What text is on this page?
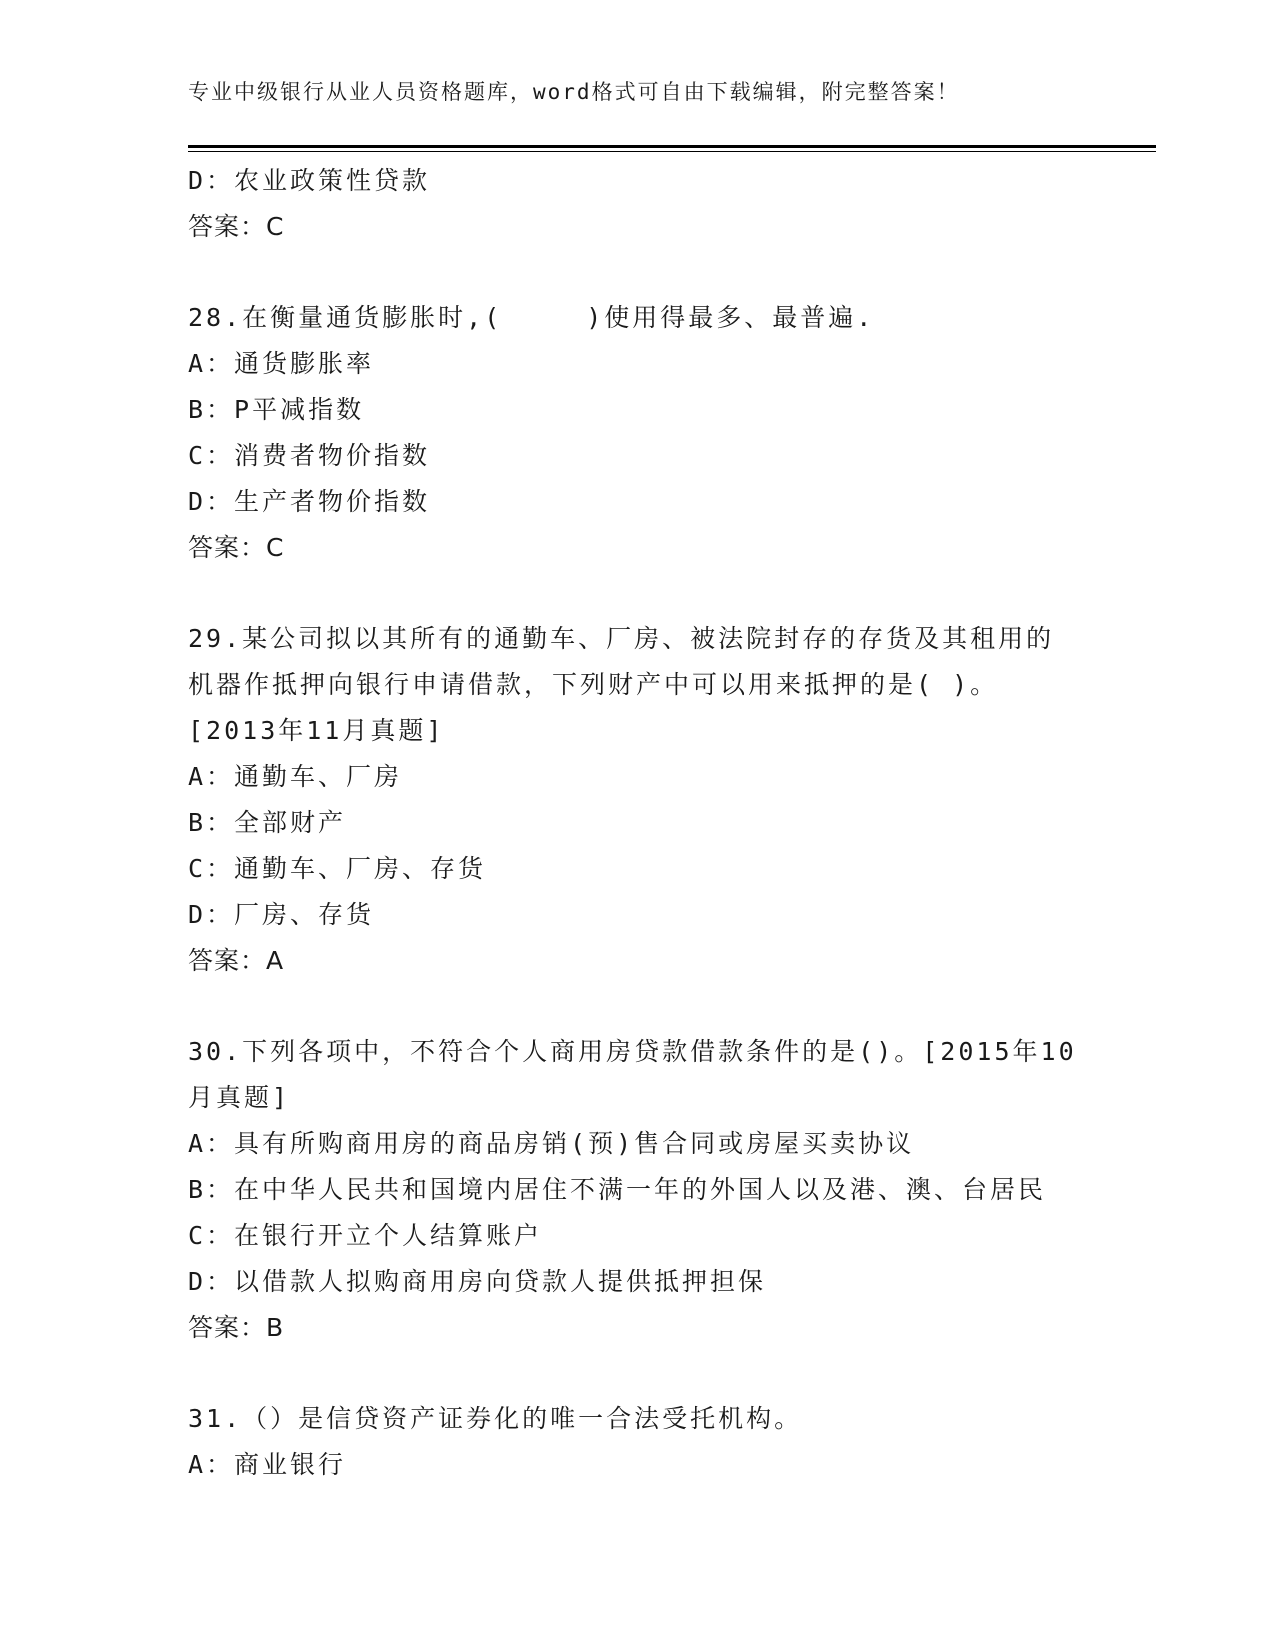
专业中级银行从业人员资格题库，word格式可自由下载编辑，附完整答案！
D：农业政策性贷款
答案：C
28.在衡量通货膨胀时,(　　　)使用得最多、最普遍.
A：通货膨胀率
B：P平减指数
C：消费者物价指数
D：生产者物价指数
答案：C
29.某公司拟以其所有的通勤车、厂房、被法院封存的存货及其租用的
机器作抵押向银行申请借款，下列财产中可以用来抵押的是( )。
[2013年11月真题]
A：通勤车、厂房
B：全部财产
C：通勤车、厂房、存货
D：厂房、存货
答案：A
30.下列各项中，不符合个人商用房贷款借款条件的是()。[2015年10
月真题]
A：具有所购商用房的商品房销(预)售合同或房屋买卖协议
B：在中华人民共和国境内居住不满一年的外国人以及港、澳、台居民
C：在银行开立个人结算账户
D：以借款人拟购商用房向贷款人提供抵押担保
答案：B
31.（）是信贷资产证券化的唯一合法受托机构。
A：商业银行
